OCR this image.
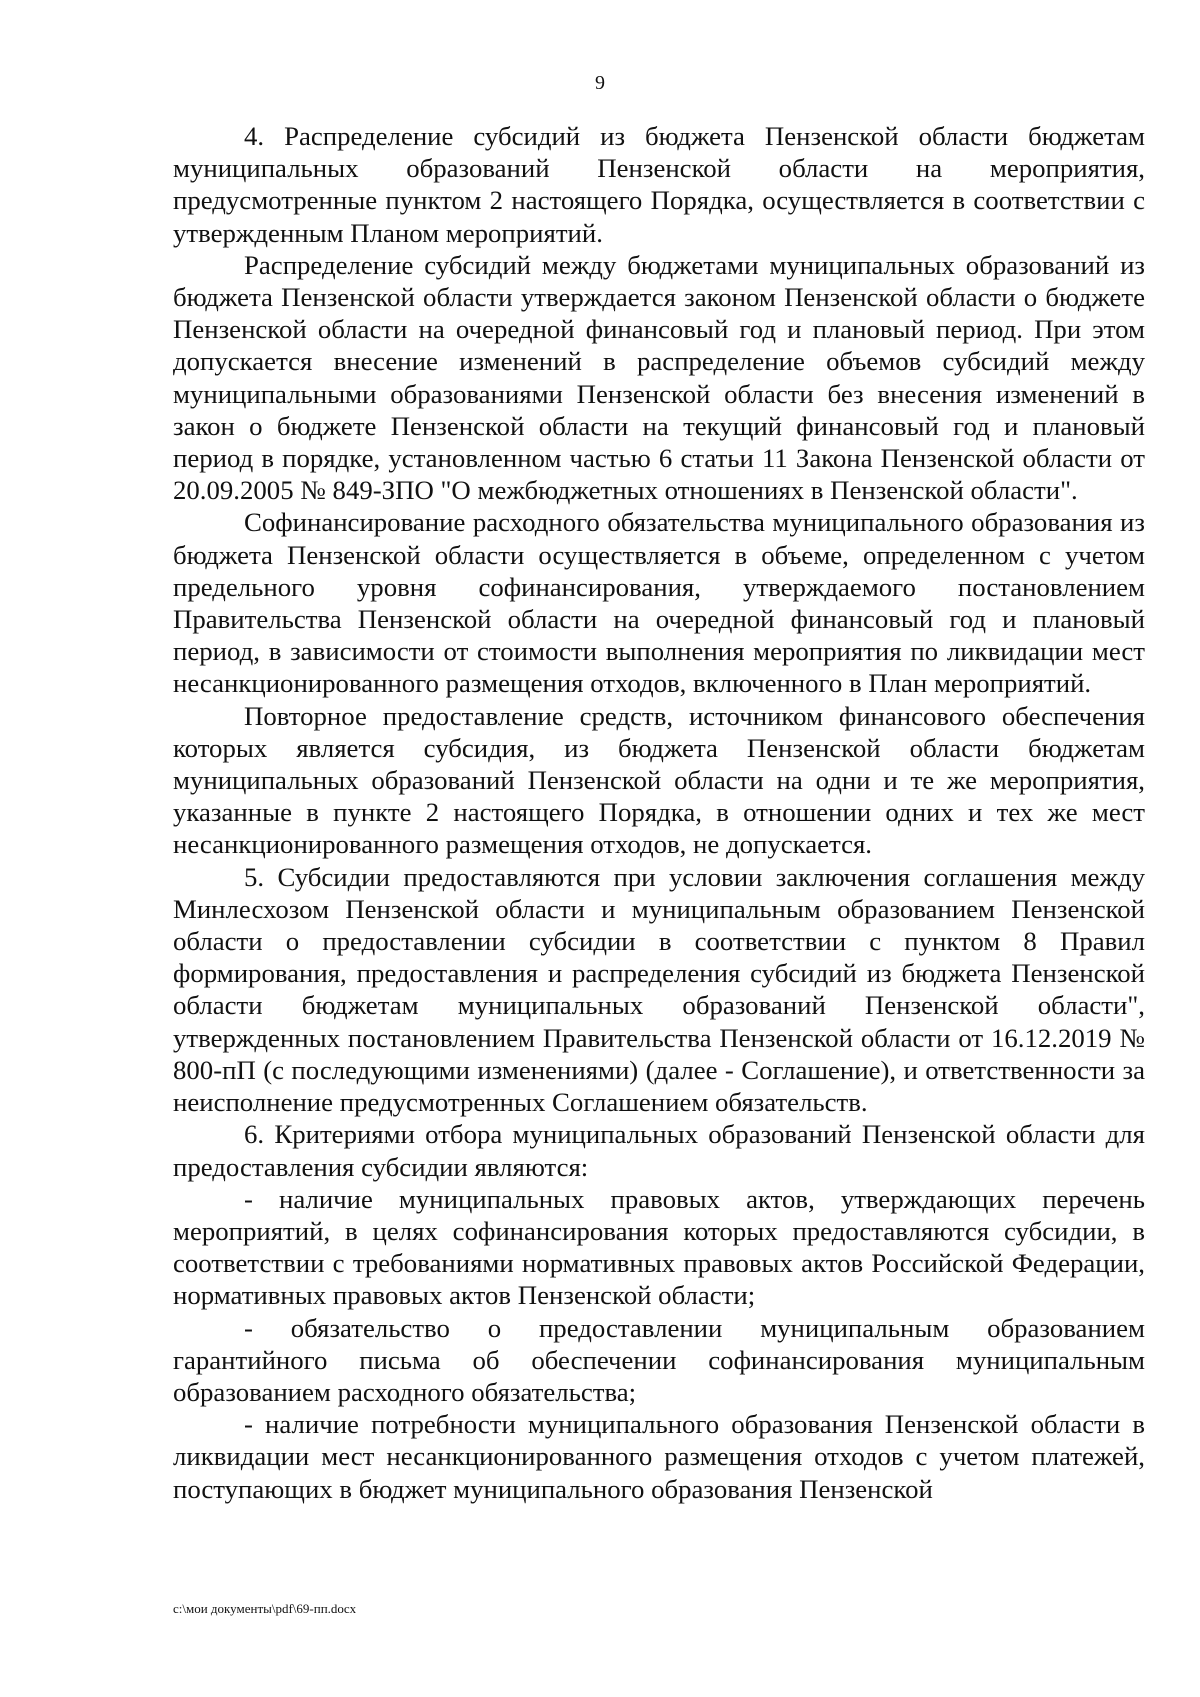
9

4. Распределение субсидий из бюджета Пензенской области бюджетам муниципальных образований Пензенской области на мероприятия, предусмотренные пунктом 2 настоящего Порядка, осуществляется в соответствии с утвержденным Планом мероприятий.

Распределение субсидий между бюджетами муниципальных образований из бюджета Пензенской области утверждается законом Пензенской области о бюджете Пензенской области на очередной финансовый год и плановый период. При этом допускается внесение изменений в распределение объемов субсидий между муниципальными образованиями Пензенской области без внесения изменений в закон о бюджете Пензенской области на текущий финансовый год и плановый период в порядке, установленном частью 6 статьи 11 Закона Пензенской области от 20.09.2005 № 849-ЗПО "О межбюджетных отношениях в Пензенской области".

Софинансирование расходного обязательства муниципального образования из бюджета Пензенской области осуществляется в объеме, определенном с учетом предельного уровня софинансирования, утверждаемого постановлением Правительства Пензенской области на очередной финансовый год и плановый период, в зависимости от стоимости выполнения мероприятия по ликвидации мест несанкционированного размещения отходов, включенного в План мероприятий.

Повторное предоставление средств, источником финансового обеспечения которых является субсидия, из бюджета Пензенской области бюджетам муниципальных образований Пензенской области на одни и те же мероприятия, указанные в пункте 2 настоящего Порядка, в отношении одних и тех же мест несанкционированного размещения отходов, не допускается.

5. Субсидии предоставляются при условии заключения соглашения между Минлесхозом Пензенской области и муниципальным образованием Пензенской области о предоставлении субсидии в соответствии с пунктом 8 Правил формирования, предоставления и распределения субсидий из бюджета Пензенской области бюджетам муниципальных образований Пензенской области", утвержденных постановлением Правительства Пензенской области от 16.12.2019 № 800-пП (с последующими изменениями) (далее - Соглашение), и ответственности за неисполнение предусмотренных Соглашением обязательств.

6. Критериями отбора муниципальных образований Пензенской области для предоставления субсидии являются:

- наличие муниципальных правовых актов, утверждающих перечень мероприятий, в целях софинансирования которых предоставляются субсидии, в соответствии с требованиями нормативных правовых актов Российской Федерации, нормативных правовых актов Пензенской области;

- обязательство о предоставлении муниципальным образованием гарантийного письма об обеспечении софинансирования муниципальным образованием расходного обязательства;

- наличие потребности муниципального образования Пензенской области в ликвидации мест несанкционированного размещения отходов с учетом платежей, поступающих в бюджет муниципального образования Пензенской

c:\мои документы\pdf\69-пп.docx
